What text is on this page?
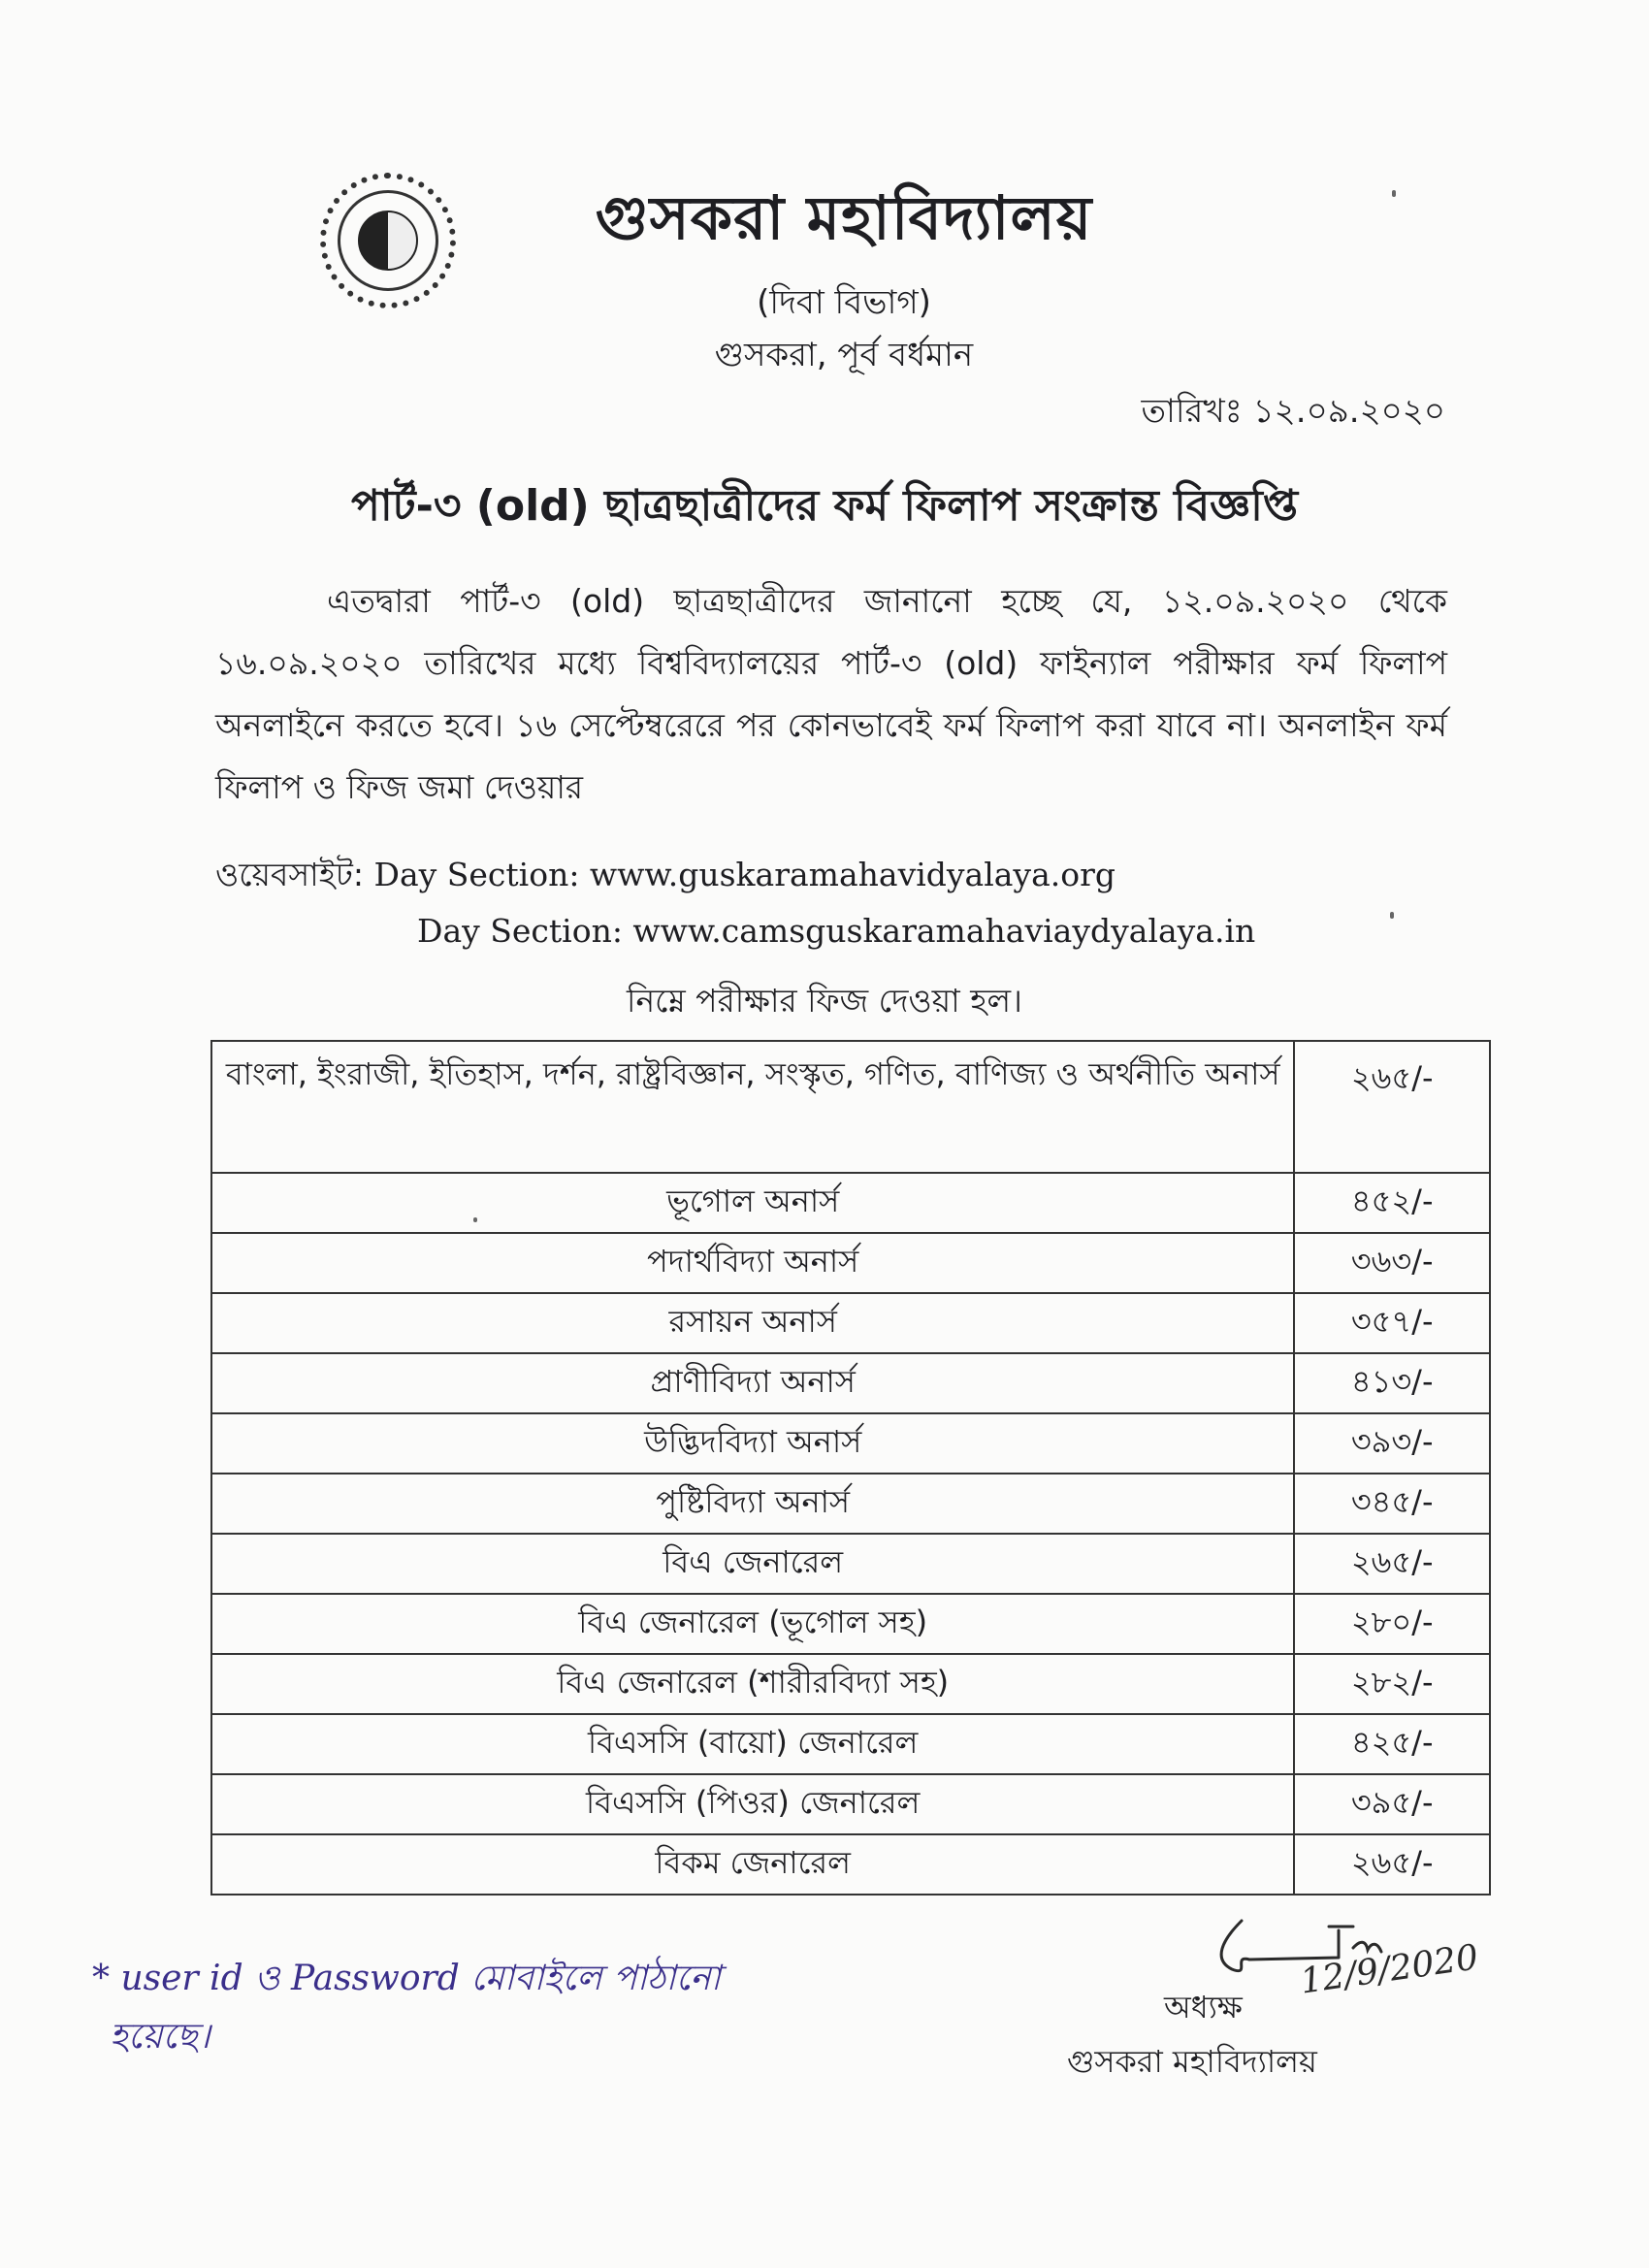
গুসকরা মহাবিদ্যালয়
(দিবা বিভাগ)
গুসকরা, পূর্ব বর্ধমান
তারিখঃ ১২.০৯.২০২০
পার্ট-৩ (old) ছাত্রছাত্রীদের ফর্ম ফিলাপ সংক্রান্ত বিজ্ঞপ্তি
এতদ্বারা পার্ট-৩ (old) ছাত্রছাত্রীদের জানানো হচ্ছে যে, ১২.০৯.২০২০ থেকে ১৬.০৯.২০২০ তারিখের মধ্যে বিশ্ববিদ্যালয়ের পার্ট-৩ (old) ফাইন্যাল পরীক্ষার ফর্ম ফিলাপ অনলাইনে করতে হবে। ১৬ সেপ্টেম্বরেরে পর কোনভাবেই ফর্ম ফিলাপ করা যাবে না। অনলাইন ফর্ম ফিলাপ ও ফিজ জমা দেওয়ার
ওয়েবসাইট: Day Section: www.guskaramahavidyalaya.org
Day Section: www.camsguskaramahaviaydyalaya.in
নিম্নে পরীক্ষার ফিজ দেওয়া হল।
বাংলা, ইংরাজী, ইতিহাস, দর্শন, রাষ্ট্রবিজ্ঞান, সংস্কৃত, গণিত, বাণিজ্য ও অর্থনীতি অনার্স	২৬৫/-
ভূগোল অনার্স	৪৫২/-
পদার্থবিদ্যা অনার্স	৩৬৩/-
রসায়ন অনার্স	৩৫৭/-
প্রাণীবিদ্যা অনার্স	৪১৩/-
উদ্ভিদবিদ্যা অনার্স	৩৯৩/-
পুষ্টিবিদ্যা অনার্স	৩৪৫/-
বিএ জেনারেল	২৬৫/-
বিএ জেনারেল (ভূগোল সহ)	২৮০/-
বিএ জেনারেল (শারীরবিদ্যা সহ)	২৮২/-
বিএসসি (বায়ো) জেনারেল	৪২৫/-
বিএসসি (পিওর) জেনারেল	৩৯৫/-
বিকম জেনারেল	২৬৫/-
* user id ও Password মোবাইলে পাঠানো
হয়েছে।
12/9/2020
অধ্যক্ষ
গুসকরা মহাবিদ্যালয়
